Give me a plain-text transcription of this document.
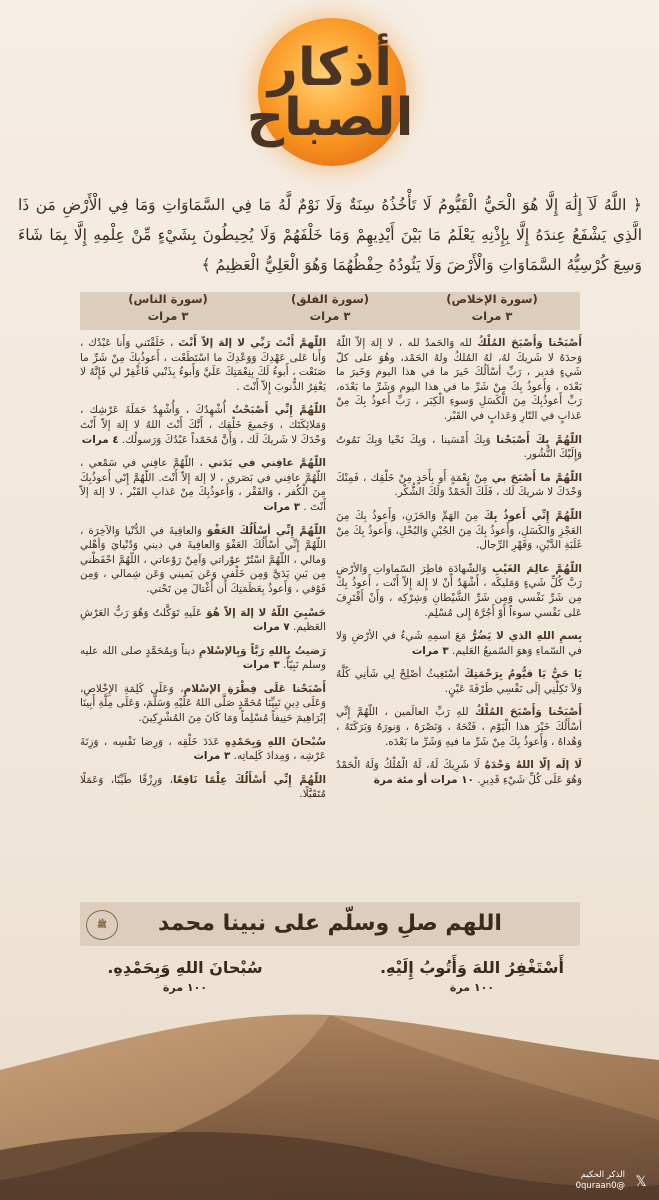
أذكار
الصباح
﴿ اللَّهُ لَآ إِلَٰهَ إِلَّا هُوَ الْحَيُّ الْقَيُّومُ لَا تَأْخُذُهُ سِنَةٌ وَلَا نَوْمٌ لَّهُ مَا فِي السَّمَاوَاتِ وَمَا فِي الْأَرْضِ مَن ذَا الَّذِي يَشْفَعُ عِندَهُ إِلَّا بِإِذْنِهِ يَعْلَمُ مَا بَيْنَ أَيْدِيهِمْ وَمَا خَلْفَهُمْ وَلَا يُحِيطُونَ بِشَيْءٍ مِّنْ عِلْمِهِ إِلَّا بِمَا شَاءَ وَسِعَ كُرْسِيُّهُ السَّمَاوَاتِ وَالْأَرْضَ وَلَا يَئُودُهُ حِفْظُهُمَا وَهُوَ الْعَلِيُّ الْعَظِيمُ ﴾
(سورة الإخلاص)
٣ مرات
(سورة الفلق)
٣ مرات
(سورة الناس)
٣ مرات

أَصْبَحْنا وَأَصْبَحَ المُلْكُ لله وَالحَمدُ لله ، لا إلهَ إلاّ اللّهُ وَحدَهُ لا شَريكَ لهُ، لهُ المُلكُ ولهُ الحَمْد، وهُوَ على كلّ شَيءٍ قدير ، رَبِّ أسْألُكَ خَيرَ ما في هذا اليوم وَخَيرَ ما بَعْدَه ، وَأَعوذُ بِكَ مِنْ شَرِّ ما في هذا اليوم وَشَرِّ ما بَعْدَه، رَبِّ أَعوذُبِكَ مِنَ الْكَسَلِ وَسوءِ الْكِبَر ، رَبِّ أَعوذُ بِكَ مِنْ عَذابٍ في النّارِ وَعَذابٍ في القَبْر.

اللّهُمَّ بِكَ أَصْبَحْنا وَبِكَ أَمْسَينا ، وَبِكَ نَحْيا وَبِكَ نَمُوتُ وَإِلَيْكَ النُّشُور.

اللّهُمَّ ما أَصْبَحَ بي مِنْ نِعْمَةٍ أَو بِأَحَدٍ مِنْ خَلْقِك ، فَمِنْكَ وَحْدَكَ لا شريكَ لَك ، فَلَكَ الْحَمْدُ وَلَكَ الشُّكْر.

اللّهُمَّ إِنِّي أَعوذُ بِكَ مِنَ الهَمِّ وَالحَزَنِ، وَأَعوذُ بِكَ مِنَ العَجْزِ وَالكَسَلِ، وَأَعوذُ بِكَ مِنَ الجُبْنِ وَالبُخْلِ، وَأَعوذُ بِكَ مِنْ غَلَبَةِ الدَّيْنِ، وَقَهْرِ الرِّجال.

اللّهُمَّ عالِمَ الغَيْبِ وَالشّهادَةِ فاطِرَ السّماواتِ وَالأرْضِ رَبَّ كُلِّ شَيءٍ وَمَليكَه ، أَشْهَدُ أَنْ لا إِلهَ إِلاّ أَنْت ، أَعوذُ بِكَ مِن شَرِّ نَفْسي وَمِن شَرِّ الشَّيْطانِ وَشِرْكِه ، وَأَنْ أَقْتَرِفَ عَلى نَفْسي سوءاً أَوْ أَجُرَّهُ إِلى مُسْلِم.

بِسمِ اللهِ الذي لا يَضُرُّ مَعَ اسمِهِ شَيءٌ في الأرْضِ وَلا في السّماءِ وَهوَ السّميعُ العَليم. ٣ مرات

يَا حَيُّ يَا قيُّومُ بِرَحْمَتِكَ أسْتَغِيثُ أصْلِحْ لِي شَأنِي كُلَّهُ وَلاَ تَكِلْنِي إلَى نَفْسِي طَرْفَةَ عَيْنٍ.

أَصْبَحْنا وَأَصْبَحَ المُلْكُ للهِ رَبِّ العالَمين ، اللّهُمَّ إِنِّي أسْأَلُكَ خَيْرَ هذا الْيَوْم ، فَتْحَهُ ، وَنَصْرَهُ ، وَنورَهُ وَبَرَكَتَهُ ، وَهُداهُ ، وَأَعوذُ بِكَ مِنْ شَرِّ ما فيهِ وَشَرِّ ما بَعْدَه.

لَا إلَه إلّا اللهُ وَحْدَهُ لَا شَرِيكَ لَهُ، لَهُ الْمُلْكُ وَلَهُ الْحَمْدُ وَهُوَ عَلَى كُلِّ شَيْءِ قَدِيرِ. ١٠ مرات أو مئة مرة

اللّهمَّ أَنْتَ رَبِّي لا إلهَ إلاّ أَنْتَ ، خَلَقْتَني وَأَنا عَبْدُك ، وَأَنا عَلى عَهْدِكَ وَوَعْدِكَ ما اسْتَطَعْت ، أَعوذُبِكَ مِنْ شَرِّ ما صَنَعْت ، أَبوءُ لَكَ بِنِعْمَتِكَ عَلَيَّ وَأَبوءُ بِذَنْبي فَاغْفِرْ لي فَإِنَّهُ لا يَغْفِرُ الذُّنوبَ إِلاّ أَنْتَ .

اللّهُمَّ إِنِّي أَصْبَحْتُ أُشْهِدُكَ ، وَأُشْهِدُ حَمَلَةَ عَرْشِك ، وَمَلائِكَتَك ، وَجَميعَ خَلْقِك ، أَنَّكَ أَنْتَ اللهُ لا إلهَ إلاّ أَنْتَ وَحْدَكَ لا شَريكَ لَك ، وَأَنَّ مُحَمّداً عَبْدُكَ وَرَسولُك. ٤ مرات

اللّهُمَّ عافِني في بَدَني ، اللّهُمَّ عافِني في سَمْعي ، اللّهُمَّ عافِني في بَصَري ، لا إلهَ إلاّ أَنْتَ. اللّهُمَّ إِنّي أَعوذُبِكَ مِنَ الْكُفر ، وَالفَقْر ، وَأَعوذُبِكَ مِنْ عَذابِ القَبْر ، لا إلهَ إلاّ أَنْتَ . ٣ مرات

اللّهُمَّ إِنِّي أسْأَلُكَ العَفْوَ وَالعافِيةَ في الدُّنْيا وَالآخِرَة ، اللّهُمَّ إِنِّي أسْأَلُكَ العَفْوَ وَالعافِيةَ في ديني وَدُنْيايَ وَأهْلي وَمالي ، اللّهُمَّ اسْتُرْ عوْراتي وَآمِنْ رَوْعاتي ، اللّهُمَّ احْفَظْني مِن بَينِ يَدَيَّ وَمِن خَلْفي وَعَن يَميني وَعَن شِمالي ، وَمِن فَوْقي ، وَأَعوذُ بِعَظَمَتِكَ أَن أُغْتالَ مِن تَحْتي.

حَسْبِيَ اللّهُ لا إلهَ إلاّ هُوَ عَلَيهِ تَوَكَّلتُ وَهُوَ رَبُّ العَرْشِ العَظيم. ٧ مرات

رَضيتُ بِاللهِ رَبَّاً وَبِالإسْلامِ ديناً وَبِمُحَمَّدٍ صلى الله عليه وسلم نَبِيّاً. ٣ مرات

أَصْبَحْنا عَلَى فِطْرَةِ الإسْلامِ، وَعَلَى كَلِمَةِ الإِخْلاصِ، وَعَلَى دِينِ نَبِيِّنَا مُحَمَّدٍ صَلَّى اللهُ عَلَيْهِ وَسَلَّمَ، وَعَلَى مِلَّةِ أَبِينَا إبْرَاهِيمَ حَنِيفاً مُسْلِماً وَمَا كَانَ مِنَ المُشْرِكِينَ.

سُبْحانَ اللهِ وَبِحَمْدِهِ عَدَدَ خَلْقِه ، وَرِضا نَفْسِه ، وَزِنَةَ عَرْشِه ، وَمِدادَ كَلِماتِه. ٣ مرات

اللّهُمَّ إِنِّي أَسْأَلُكَ عِلْمًا نَافِعًا، وَرِزْقًا طَيِّبًا، وَعَمَلًا مُتَقَبَّلًا.

اللهم صلِ وسلّم على نبينا محمد
ﷺ
أَسْتَغْفِرُ اللهَ وَأَتُوبُ إِلَيْهِ.
١٠٠ مرة
سُبْحانَ اللهِ وَبِحَمْدِهِ.
١٠٠ مرة
الذكر الحكيم
@0quraan0 𝕏
